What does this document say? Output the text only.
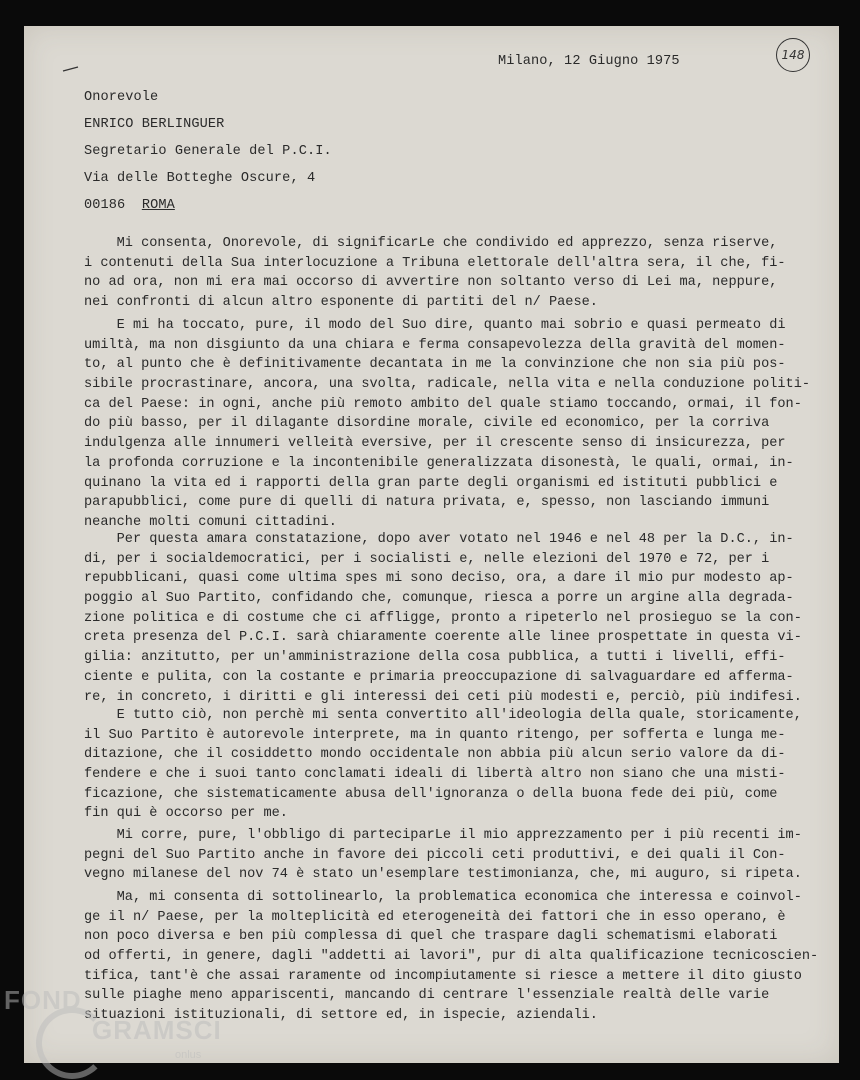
Milano, 12 Giugno 1975	148
Onorevole
ENRICO BERLINGUER
Segretario Generale del P.C.I.
Via delle Botteghe Oscure, 4
00186 ROMA
Mi consenta, Onorevole, di significarLe che condivido ed apprezzo, senza riserve,
i contenuti della Sua interlocuzione a Tribuna elettorale dell'altra sera, il che, fi-
no ad ora, non mi era mai occorso di avvertire non soltanto verso di Lei ma, neppure,
nei confronti di alcun altro esponente di partiti del n/ Paese.
E mi ha toccato, pure, il modo del Suo dire, quanto mai sobrio e quasi permeato di
umiltà, ma non disgiunto da una chiara e ferma consapevolezza della gravità del momen-
to, al punto che è definitivamente decantata in me la convinzione che non sia più pos-
sibile procrastinare, ancora, una svolta, radicale, nella vita e nella conduzione politi-
ca del Paese: in ogni, anche più remoto ambito del quale stiamo toccando, ormai, il fon-
do più basso, per il dilagante disordine morale, civile ed economico, per la corriva
indulgenza alle innumeri velleità eversive, per il crescente senso di insicurezza, per
la profonda corruzione e la incontenibile generalizzata disonestà, le quali, ormai, in-
quinano la vita ed i rapporti della gran parte degli organismi ed istituti pubblici e
parapubblici, come pure di quelli di natura privata, e, spesso, non lasciando immuni
neanche molti comuni cittadini.
Per questa amara constatazione, dopo aver votato nel 1946 e nel 48 per la D.C., in-
di, per i socialdemocratici, per i socialisti e, nelle elezioni del 1970 e 72, per i
repubblicani, quasi come ultima spes mi sono deciso, ora, a dare il mio pur modesto ap-
poggio al Suo Partito, confidando che, comunque, riesca a porre un argine alla degrada-
zione politica e di costume che ci affligge, pronto a ripeterlo nel prosieguo se la con-
creta presenza del P.C.I. sarà chiaramente coerente alle linee prospettate in questa vi-
gilia: anzitutto, per un'amministrazione della cosa pubblica, a tutti i livelli, effi-
ciente e pulita, con la costante e primaria preoccupazione di salvaguardare ed afferma-
re, in concreto, i diritti e gli interessi dei ceti più modesti e, perciò, più indifesi.
E tutto ciò, non perchè mi senta convertito all'ideologia della quale, storicamente,
il Suo Partito è autorevole interprete, ma in quanto ritengo, per sofferta e lunga me-
ditazione, che il cosiddetto mondo occidentale non abbia più alcun serio valore da di-
fendere e che i suoi tanto conclamati ideali di libertà altro non siano che una misti-
ficazione, che sistematicamente abusa dell'ignoranza o della buona fede dei più, come
fin qui è occorso per me.
Mi corre, pure, l'obbligo di parteciparLe il mio apprezzamento per i più recenti im-
pegni del Suo Partito anche in favore dei piccoli ceti produttivi, e dei quali il Con-
vegno milanese del nov 74 è stato un'esemplare testimonianza, che, mi auguro, si ripeta.
Ma, mi consenta di sottolinearlo, la problematica economica che interessa e coinvol-
ge il n/ Paese, per la molteplicità ed eterogeneità dei fattori che in esso operano, è
non poco diversa e ben più complessa di quel che traspare dagli schematismi elaborati
od offerti, in genere, dagli "addetti ai lavori", pur di alta qualificazione tecnicoscien-
tifica, tant'è che assai raramente od incompiutamente si riesce a mettere il dito giusto
sulle piaghe meno appariscenti, mancando di centrare l'essenziale realtà delle varie
situazioni istituzionali, di settore ed, in ispecie, aziendali.
FOND
GRAMSCI
onlus
